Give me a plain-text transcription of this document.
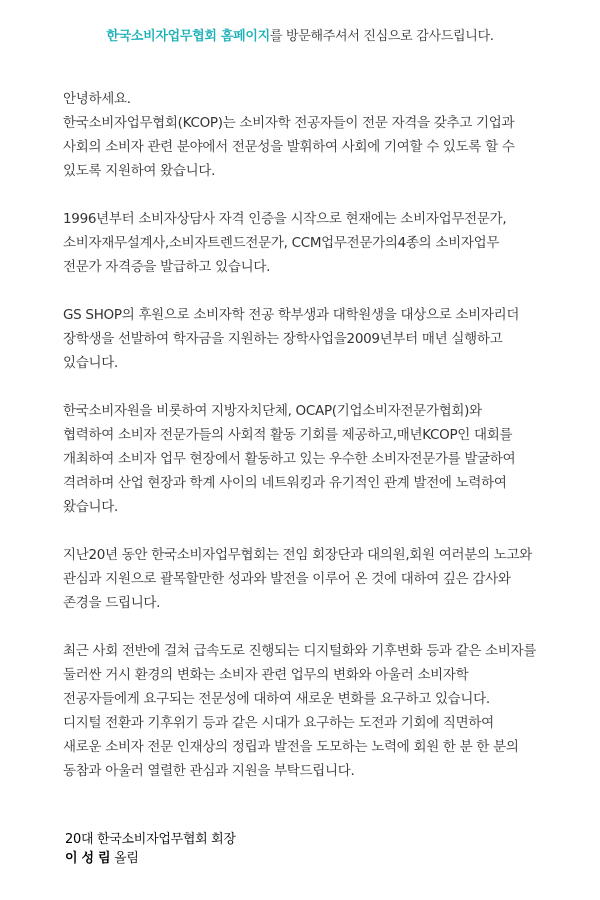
한국소비자업무협회 홈페이지를 방문해주셔서 진심으로 감사드립니다.
안녕하세요.
한국소비자업무협회(KCOP)는 소비자학 전공자들이 전문 자격을 갖추고 기업과
사회의 소비자 관련 분야에서 전문성을 발휘하여 사회에 기여할 수 있도록 할 수
있도록 지원하여 왔습니다.
1996년부터 소비자상담사 자격 인증을 시작으로 현재에는 소비자업무전문가,
소비자재무설계사,소비자트렌드전문가, CCM업무전문가의4종의 소비자업무
전문가 자격증을 발급하고 있습니다.
GS SHOP의 후원으로 소비자학 전공 학부생과 대학원생을 대상으로 소비자리더
장학생을 선발하여 학자금을 지원하는 장학사업을2009년부터 매년 실행하고
있습니다.
한국소비자원을 비롯하여 지방자치단체, OCAP(기업소비자전문가협회)와
협력하여 소비자 전문가들의 사회적 활동 기회를 제공하고,매년KCOP인 대회를
개최하여 소비자 업무 현장에서 활동하고 있는 우수한 소비자전문가를 발굴하여
격려하며 산업 현장과 학계 사이의 네트워킹과 유기적인 관계 발전에 노력하여
왔습니다.
지난20년 동안 한국소비자업무협회는 전임 회장단과 대의원,회원 여러분의 노고와
관심과 지원으로 괄목할만한 성과와 발전을 이루어 온 것에 대하여 깊은 감사와
존경을 드립니다.
최근 사회 전반에 걸쳐 급속도로 진행되는 디지털화와 기후변화 등과 같은 소비자를
둘러싼 거시 환경의 변화는 소비자 관련 업무의 변화와 아울러 소비자학
전공자들에게 요구되는 전문성에 대하여 새로운 변화를 요구하고 있습니다.
디지털 전환과 기후위기 등과 같은 시대가 요구하는 도전과 기회에 직면하여
새로운 소비자 전문 인재상의 정립과 발전을 도모하는 노력에 회원 한 분 한 분의
동참과 아울러 열렬한 관심과 지원을 부탁드립니다.
20대 한국소비자업무협회 회장
이 성 림 올림
